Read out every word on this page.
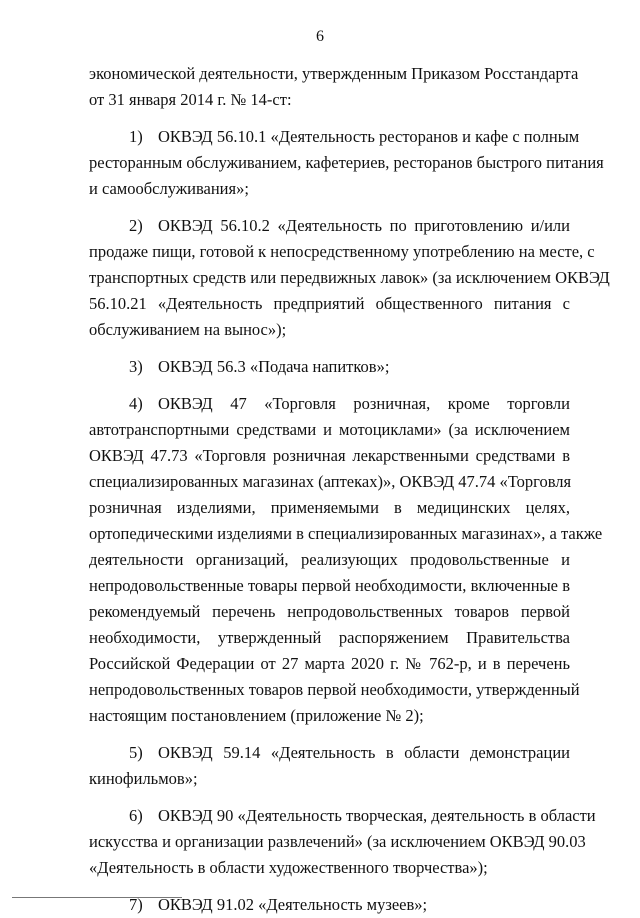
6
экономической деятельности, утвержденным Приказом Росстандарта
от 31 января 2014 г. № 14-ст:
1) ОКВЭД 56.10.1 «Деятельность ресторанов и кафе с полным
ресторанным обслуживанием, кафетериев, ресторанов быстрого питания
и самообслуживания»;
2) ОКВЭД 56.10.2 «Деятельность по приготовлению и/или
продаже пищи, готовой к непосредственному употреблению на месте, с
транспортных средств или передвижных лавок» (за исключением ОКВЭД
56.10.21 «Деятельность предприятий общественного питания с
обслуживанием на вынос»);
3) ОКВЭД 56.3 «Подача напитков»;
4) ОКВЭД 47 «Торговля розничная, кроме торговли
автотранспортными средствами и мотоциклами» (за исключением
ОКВЭД 47.73 «Торговля розничная лекарственными средствами в
специализированных магазинах (аптеках)», ОКВЭД 47.74 «Торговля
розничная изделиями, применяемыми в медицинских целях,
ортопедическими изделиями в специализированных магазинах», а также
деятельности организаций, реализующих продовольственные и
непродовольственные товары первой необходимости, включенные в
рекомендуемый перечень непродовольственных товаров первой
необходимости, утвержденный распоряжением Правительства
Российской Федерации от 27 марта 2020 г. № 762-р, и в перечень
непродовольственных товаров первой необходимости, утвержденный
настоящим постановлением (приложение № 2);
5) ОКВЭД 59.14 «Деятельность в области демонстрации
кинофильмов»;
6) ОКВЭД 90 «Деятельность творческая, деятельность в области
искусства и организации развлечений» (за исключением ОКВЭД 90.03
«Деятельность в области художественного творчества»);
7) ОКВЭД 91.02 «Деятельность музеев»;
